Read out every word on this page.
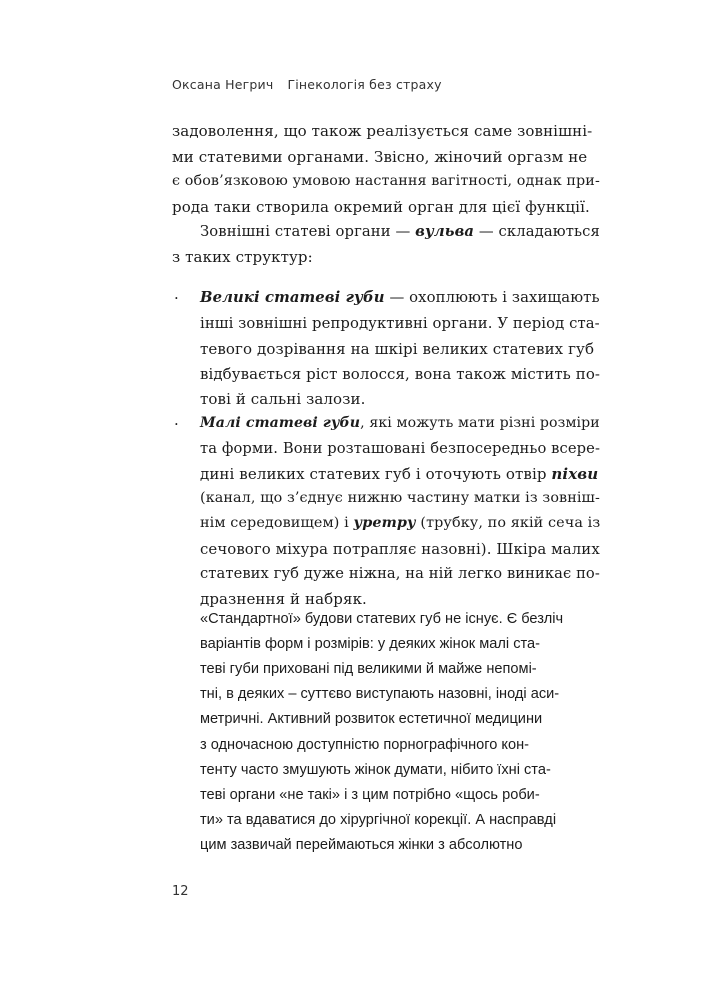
Оксана Негрич Гінекологія без страху
задоволення, що також реалізується саме зовнішні-
ми статевими органами. Звісно, жіночий оргазм не
є обов’язковою умовою настання вагітності, однак при-
рода таки створила окремий орган для цієї функції.
Зовнішні статеві органи — вульва — складаються
з таких структур:
· Великі статеві губи — охоплюють і захищають
інші зовнішні репродуктивні органи. У період ста-
тевого дозрівання на шкірі великих статевих губ
відбувається ріст волосся, вона також містить по-
тові й сальні залози.
· Малі статеві губи, які можуть мати різні розміри
та форми. Вони розташовані безпосередньо всере-
дині великих статевих губ і оточують отвір піхви
(канал, що з’єднує нижню частину матки із зовніш-
нім середовищем) і уретру (трубку, по якій сеча із
сечового міхура потрапляє назовні). Шкіра малих
статевих губ дуже ніжна, на ній легко виникає по-
дразнення й набряк.
«Стандартної» будови статевих губ не існує. Є безліч
варіантів форм і розмірів: у деяких жінок малі ста-
теві губи приховані під великими й майже непомі-
тні, в деяких – суттєво виступають назовні, іноді аси-
метричні. Активний розвиток естетичної медицини
з одночасною доступністю порнографічного кон-
тенту часто змушують жінок думати, нібито їхні ста-
теві органи «не такі» і з цим потрібно «щось роби-
ти» та вдаватися до хірургічної корекції. А насправді
цим зазвичай переймаються жінки з абсолютно
12
